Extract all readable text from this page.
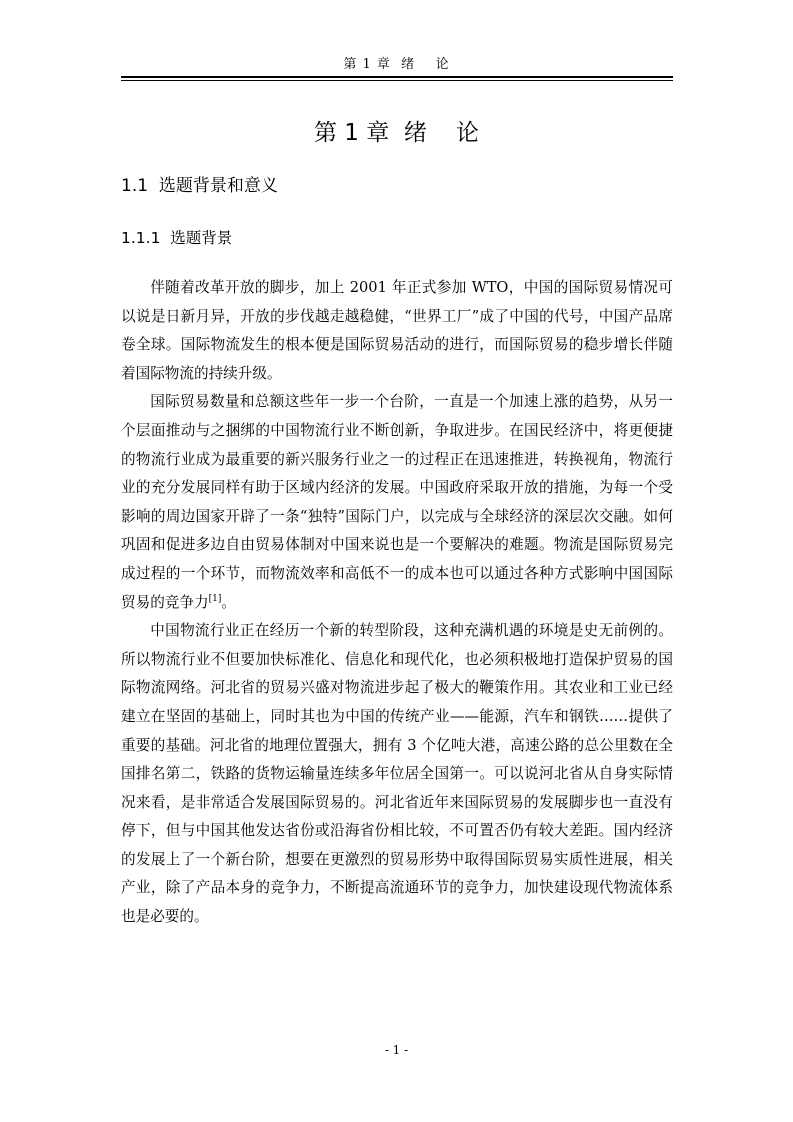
第 1 章  绪    论
第 1 章  绪    论
1.1  选题背景和意义
1.1.1  选题背景

伴随着改革开放的脚步，加上 2001 年正式参加 WTO，中国的国际贸易情况可以说是日新月异，开放的步伐越走越稳健，“世界工厂”成了中国的代号，中国产品席卷全球。国际物流发生的根本便是国际贸易活动的进行，而国际贸易的稳步增长伴随着国际物流的持续升级。

国际贸易数量和总额这些年一步一个台阶，一直是一个加速上涨的趋势，从另一个层面推动与之捆绑的中国物流行业不断创新，争取进步。在国民经济中，将更便捷的物流行业成为最重要的新兴服务行业之一的过程正在迅速推进，转换视角，物流行业的充分发展同样有助于区域内经济的发展。中国政府采取开放的措施，为每一个受影响的周边国家开辟了一条“独特”国际门户，以完成与全球经济的深层次交融。如何巩固和促进多边自由贸易体制对中国来说也是一个要解决的难题。物流是国际贸易完成过程的一个环节，而物流效率和高低不一的成本也可以通过各种方式影响中国国际贸易的竞争力[1]。

中国物流行业正在经历一个新的转型阶段，这种充满机遇的环境是史无前例的。所以物流行业不但要加快标准化、信息化和现代化，也必须积极地打造保护贸易的国际物流网络。河北省的贸易兴盛对物流进步起了极大的鞭策作用。其农业和工业已经建立在坚固的基础上，同时其也为中国的传统产业——能源，汽车和钢铁……提供了重要的基础。河北省的地理位置强大，拥有 3 个亿吨大港，高速公路的总公里数在全国排名第二，铁路的货物运输量连续多年位居全国第一。可以说河北省从自身实际情况来看，是非常适合发展国际贸易的。河北省近年来国际贸易的发展脚步也一直没有停下，但与中国其他发达省份或沿海省份相比较，不可置否仍有较大差距。国内经济的发展上了一个新台阶，想要在更激烈的贸易形势中取得国际贸易实质性进展，相关产业，除了产品本身的竞争力，不断提高流通环节的竞争力，加快建设现代物流体系也是必要的。

- 1 -
